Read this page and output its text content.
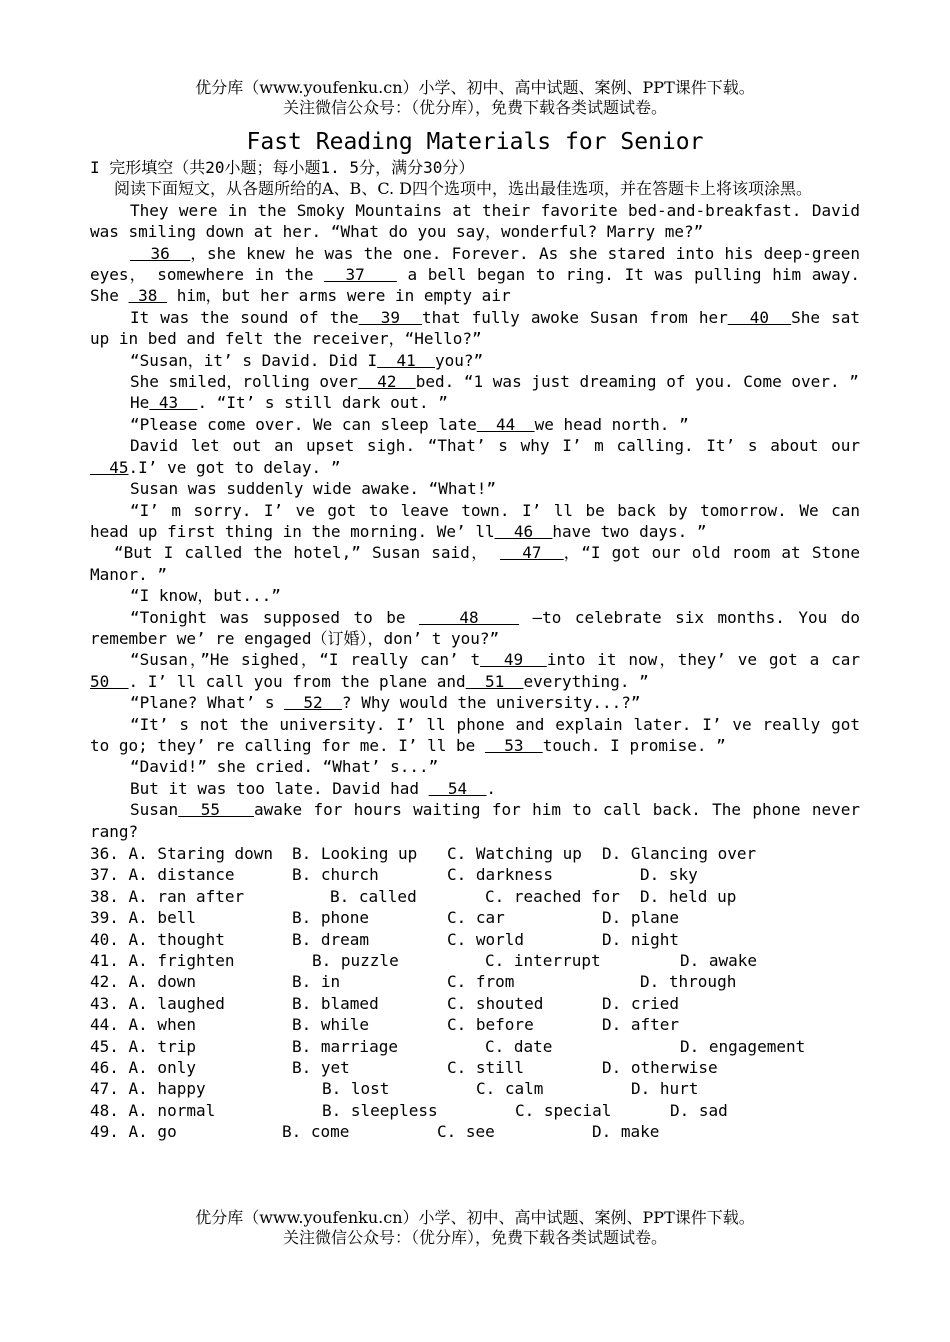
优分库（www.youfenku.cn）小学、初中、高中试题、案例、PPT课件下载。
关注微信公众号：（优分库），免费下载各类试题试卷。
Fast Reading Materials for Senior
I 完形填空（共20小题；每小题1. 5分，满分30分）
阅读下面短文，从各题所给的A、B、C. D四个选项中，选出最佳选项，并在答题卡上将该项涂黑。
They were in the Smoky Mountains at their favorite bed-and-breakfast. David was smiling down at her. “What do you say，wonderful? Marry me?”
36  ，she knew he was the one. Forever. As she stared into his deep-green eyes， somewhere in the   37    a bell began to ring. It was pulling him away. She  38  him，but her arms were in empty air
It was the sound of the  39  that fully awoke Susan from her  40  She sat up in bed and felt the receiver，“Hello?”
“Susan，it’ s David. Did I  41  you?”
She smiled，rolling over  42  bed. “1 was just dreaming of you. Come over. ”
He 43  . “It’ s still dark out. ”
“Please come over. We can sleep late  44  we head north. ”
David let out an upset sigh. “That’ s why I’ m calling. It’ s about our  45.I’ ve got to delay. ”
Susan was suddenly wide awake. “What!”
“I’ m sorry. I’ ve got to leave town. I’ ll be back by tomorrow. We can head up first thing in the morning. We’ ll  46  have two days. ”
“But I called the hotel,” Susan said，   47  ，“I got our old room at Stone Manor. ”
“I know，but...”
“Tonight was supposed to be    48    —to celebrate six months. You do remember we’ re engaged（订婚），don’ t you?”
“Susan，”He sighed，“I really can’ t  49  into it now，they’ ve got a car 50  . I’ ll call you from the plane and  51  everything. ”
“Plane? What’ s   52  ? Why would the university...?”
“It’ s not the university. I’ ll phone and explain later. I’ ve really got to go; they’ re calling for me. I’ ll be   53  touch. I promise. ”
“David!” she cried. “What’ s...”
But it was too late. David had   54  .
Susan  55   awake for hours waiting for him to call back. The phone never rang?
36. A. Staring down B. Looking up C. Watching up D. Glancing over
37. A. distance	B. church	C. darkness	D. sky
38. A. ran after	B. called	C. reached for D. held up
39. A. bell	B. phone	C. car	D. plane
40. A. thought	B. dream	C. world	D. night
41. A. frighten	B. puzzle	C. interrupt	D. awake
42. A. down	B. in	C. from	D. through
43. A. laughed	B. blamed	C. shouted	D. cried
44. A. when	B. while	C. before	D. after
45. A. trip	B. marriage	C. date	D. engagement
46. A. only	B. yet	C. still	D. otherwise
47. A. happy	B. lost	C. calm	D. hurt
48. A. normal	B. sleepless	C. special	D. sad
49. A. go	B. come	C. see	D. make
优分库（www.youfenku.cn）小学、初中、高中试题、案例、PPT课件下载。
关注微信公众号：（优分库），免费下载各类试题试卷。
